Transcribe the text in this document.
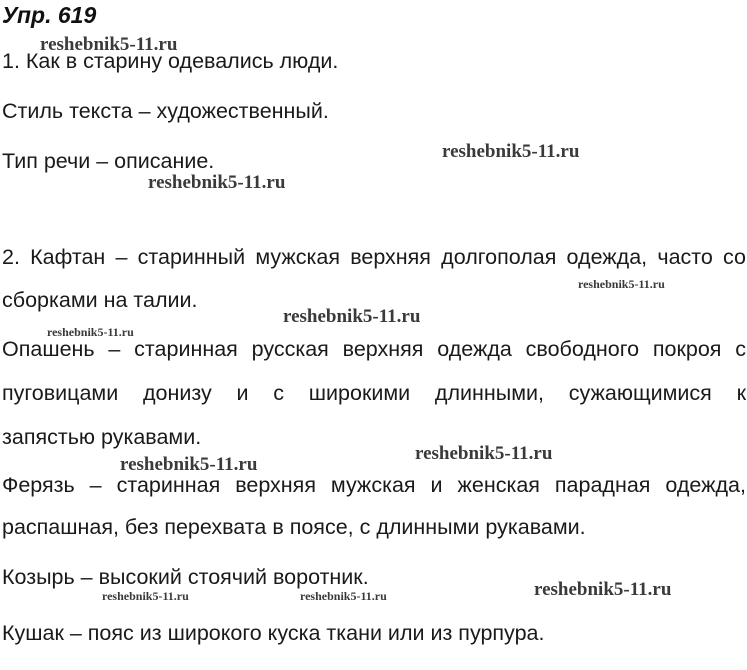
Упр. 619

1. Как в старину одевались люди.

Стиль текста – художественный.

Тип речи – описание.

2. Кафтан – старинный мужская верхняя долгополая одежда, часто со

сборками на талии.

Опашень – старинная русская верхняя одежда свободного покроя с

пуговицами донизу и с широкими длинными, сужающимися к

запястью рукавами.

Ферязь – старинная верхняя мужская и женская парадная одежда,

распашная, без перехвата в поясе, с длинными рукавами.

Козырь – высокий стоячий воротник.

Кушак – пояс из широкого куска ткани или из пурпура.

reshebnik5-11.ru
reshebnik5-11.ru
reshebnik5-11.ru
reshebnik5-11.ru
reshebnik5-11.ru
reshebnik5-11.ru
reshebnik5-11.ru
reshebnik5-11.ru
reshebnik5-11.ru
reshebnik5-11.ru	reshebnik5-11.ru
